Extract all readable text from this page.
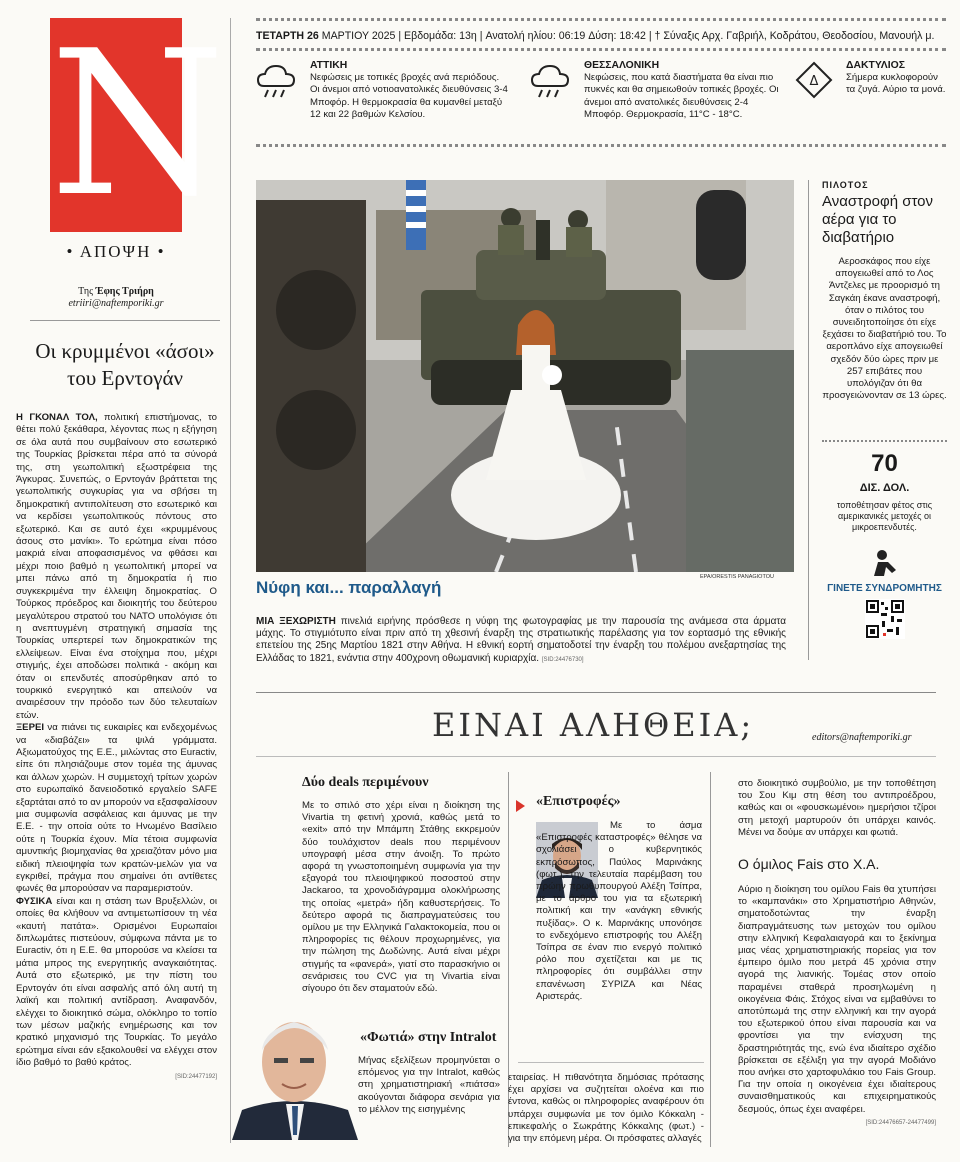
N
• ΑΠΟΨΗ •
Της Έφης Τριήρη
etriiri@naftemporiki.gr
Οι κρυμμένοι «άσοι» του Ερντογάν

Η ΓΚΟΝΑΛ ΤΟΛ, πολιτική επιστήμονας, το θέτει πολύ ξεκάθαρα, λέγοντας πως η εξήγηση σε όλα αυτά που συμβαίνουν στο εσωτερικό της Τουρκίας βρίσκεται πέρα από τα σύνορά της, στη γεωπολιτική εξωστρέφεια της Άγκυρας. Συνεπώς, ο Ερντογάν βράττεται της γεωπολιτικής συγκυρίας για να σβήσει τη δημοκρατική αντιπολίτευση στο εσωτερικό και να κερδίσει γεωπολιτικούς πόντους στο εξωτερικό. Και σε αυτό έχει «κρυμμένους άσους στο μανίκι». Το ερώτημα είναι πόσο μακριά είναι αποφασισμένος να φθάσει και μέχρι ποιο βαθμό η γεωπολιτική μπορεί να μπει πάνω από τη δημοκρατία ή πιο συγκεκριμένα την έλλειψη δημοκρατίας. Ο Τούρκος πρόεδρος και διοικητής του δεύτερου μεγαλύτερου στρατού του ΝΑΤΟ υπολόγισε ότι η ανεπτυγμένη στρατηγική σημασία της Τουρκίας υπερτερεί των δημοκρατικών της ελλείψεων. Είναι ένα στοίχημα που, μέχρι στιγμής, έχει αποδώσει πολιτικά - ακόμη και όταν οι επενδυτές αποσύρθηκαν από το τουρκικό ενεργητικό και απειλούν να αναιρέσουν την πρόοδο των δύο τελευταίων ετών.

ΞΕΡΕΙ να πιάνει τις ευκαιρίες και ενδεχομένως να «διαβάζει» τα ψιλά γράμματα. Αξιωματούχος της Ε.Ε., μιλώντας στο Euractiv, είπε ότι πλησιάζουμε στον τομέα της άμυνας και άλλων χωρών. Η συμμετοχή τρίτων χωρών στο ευρωπαϊκό δανειοδοτικό εργαλείο SAFE εξαρτάται από το αν μπορούν να εξασφαλίσουν μια συμφωνία ασφάλειας και άμυνας με την Ε.Ε. - την οποία ούτε το Ηνωμένο Βασίλειο ούτε η Τουρκία έχουν. Μία τέτοια συμφωνία αμυντικής βιομηχανίας θα χρειαζόταν μόνο μια ειδική πλειοψηφία των κρατών-μελών για να εγκριθεί, πράγμα που σημαίνει ότι αντίθετες φωνές θα μπορούσαν να παραμεριστούν.

ΦΥΣΙΚΑ είναι και η στάση των Βρυξελλών, οι οποίες θα κλήθουν να αντιμετωπίσουν τη νέα «καυτή πατάτα». Ορισμένοι Ευρωπαίοι διπλωμάτες πιστεύουν, σύμφωνα πάντα με το Euractiv, ότι η Ε.Ε. θα μπορούσε να κλείσει τα μάτια μπρος της ενεργητικής αναγκαιότητας. Αυτά στο εξωτερικό, με την πίστη του Ερντογάν ότι είναι ασφαλής από όλη αυτή τη λαϊκή και πολιτική αντίδραση. Αναφανδόν, ελέγχει το διοικητικό σώμα, ολόκληρο το τοπίο των μέσων μαζικής ενημέρωσης και τον κρατικό μηχανισμό της Τουρκίας. Το μεγάλο ερώτημα είναι εάν εξακολουθεί να ελέγχει στον ίδιο βαθμό το βαθύ κράτος.

[SID:24477192]

ΤΕΤΑΡΤΗ 26 ΜΑΡΤΙΟΥ 2025 | Εβδομάδα: 13η | Ανατολή ηλίου: 06:19 Δύση: 18:42 | † Σύναξις Αρχ. Γαβριήλ, Κοδράτου, Θεοδοσίου, Μανουήλ μ.
ΑΤΤΙΚΗ
Νεφώσεις με τοπικές βροχές ανά περιόδους. Οι άνεμοι από νοτιοανατολικές διευθύνσεις 3-4 Μποφόρ. Η θερμοκρασία θα κυμανθεί μεταξύ 12 και 22 βαθμών Κελσίου.
ΘΕΣΣΑΛΟΝΙΚΗ
Νεφώσεις, που κατά διαστήματα θα είναι πιο πυκνές και θα σημειωθούν τοπικές βροχές. Οι άνεμοι από ανατολικές διευθύνσεις 2-4 Μποφόρ. Θερμοκρασία, 11°C - 18°C.
Δ
ΔΑΚΤΥΛΙΟΣ
Σήμερα κυκλοφορούν τα ζυγά. Αύριο τα μονά.
EPA/ORESTIS PANAGIOTOU
Νύφη και... παραλλαγή
ΜΙΑ ΞΕΧΩΡΙΣΤΗ πινελιά ειρήνης πρόσθεσε η νύφη της φωτογραφίας με την παρουσία της ανάμεσα στα άρματα μάχης. Το στιγμιότυπο είναι πριν από τη χθεσινή έναρξη της στρατιωτικής παρέλασης για τον εορτασμό της εθνικής επετείου της 25ης Μαρτίου 1821 στην Αθήνα. Η εθνική εορτή σηματοδοτεί την έναρξη του πολέμου ανεξαρτησίας της Ελλάδας το 1821, ενάντια στην 400χρονη οθωμανική κυριαρχία. [SID:24476730]
ΠΙΛΟΤΟΣ
Αναστροφή στον αέρα για το διαβατήριο
Αεροσκάφος που είχε απογειωθεί από το Λος Άντζελες με προορισμό τη Σαγκάη έκανε αναστροφή, όταν ο πιλότος του συνειδητοποίησε ότι είχε ξεχάσει το διαβατήριό του. Το αεροπλάνο είχε απογειωθεί σχεδόν δύο ώρες πριν με 257 επιβάτες που υπολόγιζαν ότι θα προσγειώνονταν σε 13 ώρες.
70
ΔΙΣ. ΔΟΛ.
τοποθέτησαν φέτος στις αμερικανικές μετοχές οι μικροεπενδυτές.
ΓΙΝΕΤΕ ΣΥΝΔΡΟΜΗΤΗΣ
ΕΙΝΑΙ ΑΛΗΘΕΙΑ;	editors@naftemporiki.gr
Δύο deals περιμένουν
Με το σπιλό στο χέρι είναι η διοίκηση της Vivartia τη φετινή χρονιά, καθώς μετά το «exit» από την Μπάμπη Στάθης εκκρεμούν δύο τουλάχιστον deals που περιμένουν υπογραφή μέσα στην άνοιξη. Το πρώτο αφορά τη γνωστοποιημένη συμφωνία για την εξαγορά του πλειοψηφικού ποσοστού στην Jackaroo, τα χρονοδιάγραμμα ολοκλήρωσης της οποίας «μετρά» ήδη καθυστερήσεις. Το δεύτερο αφορά τις διαπραγματεύσεις του ομίλου με την Ελληνικά Γαλακτοκομεία, που οι πληροφορίες τις θέλουν προχωρημένες, για την πώληση της Δωδώνης. Αυτά είναι μέχρι στιγμής τα «φανερά», γιατί στο παρασκήνιο οι σενάρισεις του CVC για τη Vivartia είναι σίγουρο ότι δεν σταματούν εδώ.
«Φωτιά» στην Intralot
Μήνας εξελίξεων προμηνύεται ο επόμενος για την Intralot, καθώς στη χρηματιστηριακή «πιάτσα» ακούγονται διάφορα σενάρια για το μέλλον της εισηγμένης
«Επιστροφές»
Με το άσμα «Επιστροφές καταστροφές» θέλησε να σχολιάσει ο κυβερνητικός εκπρόσωπος, Παύλος Μαρινάκης (φωτ.), την τελευταία παρέμβαση του πρώην πρωθυπουργού Αλέξη Τσίπρα, με το άρθρο του για τα εξωτερική πολιτική και την «ανάγκη εθνικής πυξίδας». Ο κ. Μαρινάκης υπονόησε το ενδεχόμενο επιστροφής του Αλέξη Τσίπρα σε έναν πιο ενεργό πολιτικό ρόλο που σχετίζεται και με τις πληροφορίες ότι συμβάλλει στην επανένωση ΣΥΡΙΖΑ και Νέας Αριστεράς.
εταιρείας. Η πιθανότητα δημόσιας πρότασης έχει αρχίσει να συζητείται ολοένα και πιο έντονα, καθώς οι πληροφορίες αναφέρουν ότι υπάρχει συμφωνία με τον όμιλο Κόκκαλη - επικεφαλής ο Σωκράτης Κόκκαλης (φωτ.) - για την επόμενη μέρα. Οι πρόσφατες αλλαγές
στο διοικητικό συμβούλιο, με την τοποθέτηση του Σου Κιμ στη θέση του αντιπροέδρου, καθώς και οι «φουσκωμένοι» ημερήσιοι τζίροι στη μετοχή μαρτυρούν ότι υπάρχει καινός. Μένει να δούμε αν υπάρχει και φωτιά.
Ο όμιλος Fais στο Χ.Α.
Αύριο η διοίκηση του ομίλου Fais θα χτυπήσει το «καμπανάκι» στο Χρηματιστήριο Αθηνών, σηματοδοτώντας την έναρξη διαπραγμάτευσης των μετοχών του ομίλου στην ελληνική Κεφαλαιαγορά και το ξεκίνημα μιας νέας χρηματιστηριακής πορείας για τον έμπειρο όμιλο που μετρά 45 χρόνια στην αγορά της λιανικής. Τομέας στον οποίο παραμένει σταθερά προσηλωμένη η οικογένεια Φάις. Στόχος είναι να εμβαθύνει το αποτύπωμά της στην ελληνική και την αγορά του εξωτερικού όπου είναι παρουσία και να φροντίσει για την ενίσχυση της δραστηριότητάς της, ενώ ένα ιδιαίτερο σχέδιο βρίσκεται σε εξέλιξη για την αγορά Μοδιάνο που ανήκει στο χαρτοφυλάκιο του Fais Group. Για την οποία η οικογένεια έχει ιδιαίτερους συναισθηματικούς και επιχειρηματικούς δεσμούς, όπως έχει αναφέρει.
[SID:24476657-24477499]
